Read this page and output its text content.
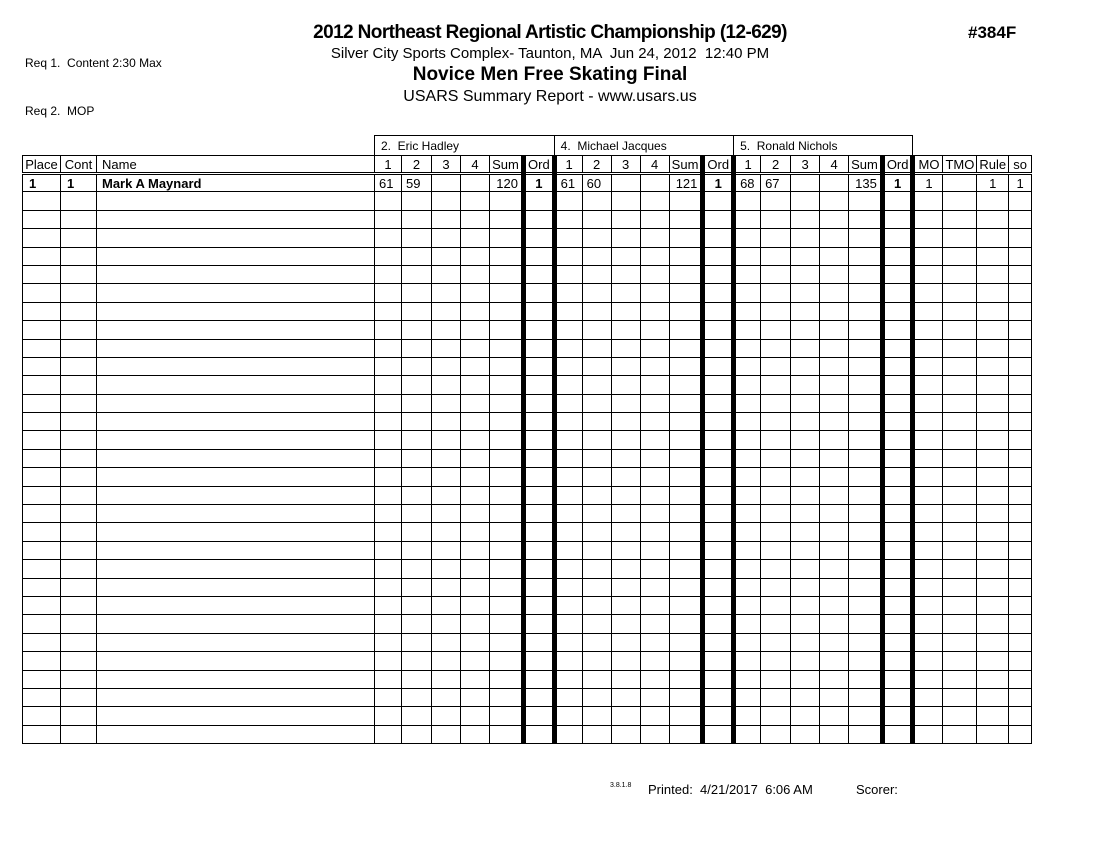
Req 1.  Content 2:30 Max

Req 2.  MOP

2012 Northeast Regional Artistic Championship (12-629)
Silver City Sports Complex- Taunton, MA  Jun 24, 2012  12:40 PM
Novice Men Free Skating Final
USARS Summary Report - www.usars.us
#384F
			2.  Eric Hadley						4.  Michael Jacques						5.  Ronald Nichols									
Place	Cont	Name	1	2	3	4	Sum	Ord	1	2	3	4	Sum	Ord	1	2	3	4	Sum	Ord	MO	TMO	Rule	so
1	1	Mark A Maynard	61	59			120	1	61	60			121	1	68	67			135	1	1		1	1

3.8.1.8 Printed:  4/21/2017  6:06 AM	Scorer:
